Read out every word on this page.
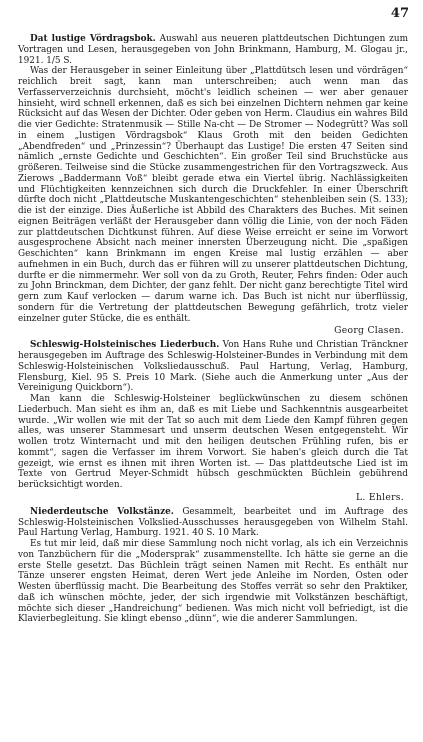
47

Dat lustige Vördragsbok. Auswahl aus neueren plattdeutschen Dichtungen zum Vortragen und Lesen, herausgegeben von John Brinkmann, Hamburg, M. Glogau jr., 1921. 1/5 S.

Was der Herausgeber in seiner Einleitung über „Plattdütsch lesen und vördrägen“ reichlich breit sagt, kann man unterschreiben; auch wenn man das Verfasserverzeichnis durchsieht, möcht's leidlich scheinen — wer aber genauer hinsieht, wird schnell erkennen, daß es sich bei einzelnen Dichtern nehmen gar keine Rücksicht auf das Wesen der Dichter. Oder geben von Herm. Claudius ein wahres Bild die vier Gedichte: Stratenmusik — Stille Na-cht — De Stromer — Nodegrütt? Was soll in einem „lustigen Vördragsbok“ Klaus Groth mit den beiden Gedichten „Abendfreden“ und „Prinzessin“? Überhaupt das Lustige! Die ersten 47 Seiten sind nämlich „ernste Gedichte und Geschichten“. Ein großer Teil sind Bruchstücke aus größeren. Teilweise sind die Stücke zusammengestrichen für den Vortragszweck. Aus Zierows „Baddermann Voß“ bleibt gerade etwa ein Viertel übrig. Nachlässigkeiten und Flüchtigkeiten kennzeichnen sich durch die Druckfehler. In einer Überschrift dürfte doch nicht „Plattdeutsche Muskantengeschichten“ stehenbleiben sein (S. 133); die ist der einzige. Dies Äußerliche ist Abbild des Charakters des Buches. Mit seinen eignen Beiträgen verläßt der Herausgeber dann völlig die Linie, von der noch Fäden zur plattdeutschen Dichtkunst führen. Auf diese Weise erreicht er seine im Vorwort ausgesprochene Absicht nach meiner innersten Überzeugung nicht. Die „spaßigen Geschichten“ kann Brinkmann im engen Kreise mal lustig erzählen — aber aufnehmen in ein Buch, durch das er führen will zu unserer plattdeutschen Dichtung, durfte er die nimmermehr. Wer soll von da zu Groth, Reuter, Fehrs finden: Oder auch zu John Brinckman, dem Dichter, der ganz fehlt. Der nicht ganz berechtigte Titel wird gern zum Kauf verlocken — darum warne ich. Das Buch ist nicht nur überflüssig, sondern für die Vertretung der plattdeutschen Bewegung gefährlich, trotz vieler einzelner guter Stücke, die es enthält.

Georg Clasen.

Schleswig-Holsteinisches Liederbuch. Von Hans Ruhe und Christian Tränckner herausgegeben im Auftrage des Schleswig-Holsteiner-Bundes in Verbindung mit dem Schleswig-Holsteinischen Volksliedausschuß. Paul Hartung, Verlag, Hamburg, Flensburg, Kiel. 95 S. Preis 10 Mark. (Siehe auch die Anmerkung unter „Aus der Vereinigung Quickborn“).

Man kann die Schleswig-Holsteiner beglückwünschen zu diesem schönen Liederbuch. Man sieht es ihm an, daß es mit Liebe und Sachkenntnis ausgearbeitet wurde. „Wir wollen wie mit der Tat so auch mit dem Liede den Kampf führen gegen alles, was unserer Stammesart und unserm deutschen Wesen entgegensteht. Wir wollen trotz Winternacht und mit den heiligen deutschen Frühling rufen, bis er kommt“, sagen die Verfasser im ihrem Vorwort. Sie haben's gleich durch die Tat gezeigt, wie ernst es ihnen mit ihren Worten ist. — Das plattdeutsche Lied ist im Texte von Gertrud Meyer-Schmidt hübsch geschmückten Büchlein gebührend berücksichtigt worden.

L. Ehlers.

Niederdeutsche Volkstänze. Gesammelt, bearbeitet und im Auftrage des Schleswig-Holsteinischen Volkslied-Ausschusses herausgegeben von Wilhelm Stahl. Paul Hartung Verlag, Hamburg. 1921. 40 S. 10 Mark.

Es tut mir leid, daß mir diese Sammlung noch nicht vorlag, als ich ein Verzeichnis von Tanzbüchern für die „Modersprak“ zusammenstellte. Ich hätte sie gerne an die erste Stelle gesetzt. Das Büchlein trägt seinen Namen mit Recht. Es enthält nur Tänze unserer engsten Heimat, deren Wert jede Anleihe im Norden, Osten oder Westen überflüssig macht. Die Bearbeitung des Stoffes verrät so sehr den Praktiker, daß ich wünschen möchte, jeder, der sich irgendwie mit Volkstänzen beschäftigt, möchte sich dieser „Handreichung“ bedienen. Was mich nicht voll befriedigt, ist die Klavierbegleitung. Sie klingt ebenso „dünn“, wie die anderer Sammlungen.
